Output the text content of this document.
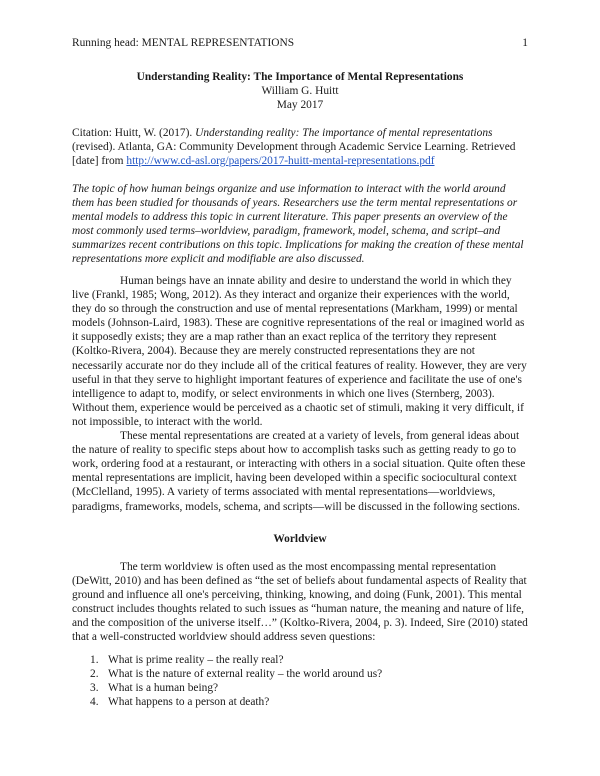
Running head: MENTAL REPRESENTATIONS	1
Understanding Reality: The Importance of Mental Representations
William G. Huitt
May 2017
Citation: Huitt, W. (2017). Understanding reality: The importance of mental representations (revised). Atlanta, GA: Community Development through Academic Service Learning. Retrieved [date] from http://www.cd-asl.org/papers/2017-huitt-mental-representations.pdf
The topic of how human beings organize and use information to interact with the world around them has been studied for thousands of years. Researchers use the term mental representations or mental models to address this topic in current literature. This paper presents an overview of the most commonly used terms–worldview, paradigm, framework, model, schema, and script–and summarizes recent contributions on this topic. Implications for making the creation of these mental representations more explicit and modifiable are also discussed.

Human beings have an innate ability and desire to understand the world in which they live (Frankl, 1985; Wong, 2012). As they interact and organize their experiences with the world, they do so through the construction and use of mental representations (Markham, 1999) or mental models (Johnson-Laird, 1983). These are cognitive representations of the real or imagined world as it supposedly exists; they are a map rather than an exact replica of the territory they represent (Koltko-Rivera, 2004). Because they are merely constructed representations they are not necessarily accurate nor do they include all of the critical features of reality. However, they are very useful in that they serve to highlight important features of experience and facilitate the use of one's intelligence to adapt to, modify, or select environments in which one lives (Sternberg, 2003). Without them, experience would be perceived as a chaotic set of stimuli, making it very difficult, if not impossible, to interact with the world.

These mental representations are created at a variety of levels, from general ideas about the nature of reality to specific steps about how to accomplish tasks such as getting ready to go to work, ordering food at a restaurant, or interacting with others in a social situation. Quite often these mental representations are implicit, having been developed within a specific sociocultural context (McClelland, 1995). A variety of terms associated with mental representations—worldviews, paradigms, frameworks, models, schema, and scripts—will be discussed in the following sections.

Worldview

The term worldview is often used as the most encompassing mental representation (DeWitt, 2010) and has been defined as “the set of beliefs about fundamental aspects of Reality that ground and influence all one's perceiving, thinking, knowing, and doing (Funk, 2001). This mental construct includes thoughts related to such issues as “human nature, the meaning and nature of life, and the composition of the universe itself…” (Koltko-Rivera, 2004, p. 3). Indeed, Sire (2010) stated that a well-constructed worldview should address seven questions:

1. What is prime reality – the really real?
2. What is the nature of external reality – the world around us?
3. What is a human being?
4. What happens to a person at death?
